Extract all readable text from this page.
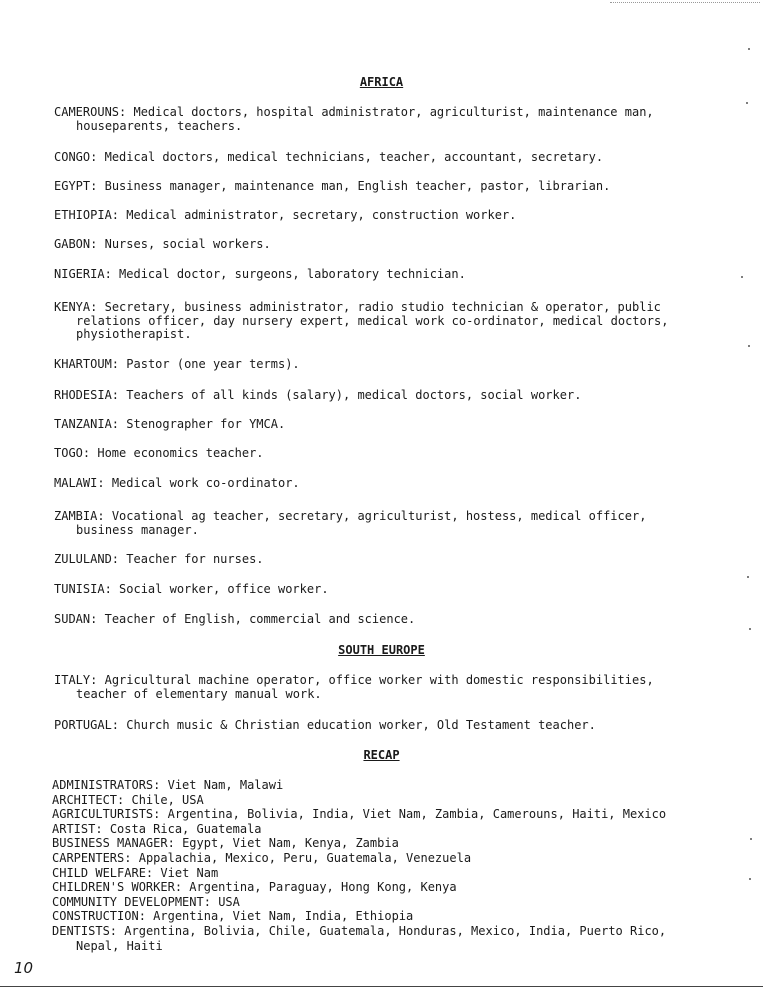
AFRICA
CAMEROUNS: Medical doctors, hospital administrator, agriculturist, maintenance man,
houseparents, teachers.
CONGO: Medical doctors, medical technicians, teacher, accountant, secretary.
EGYPT: Business manager, maintenance man, English teacher, pastor, librarian.
ETHIOPIA: Medical administrator, secretary, construction worker.
GABON: Nurses, social workers.
NIGERIA: Medical doctor, surgeons, laboratory technician.
KENYA: Secretary, business administrator, radio studio technician & operator, public
relations officer, day nursery expert, medical work co-ordinator, medical doctors,
physiotherapist.
KHARTOUM: Pastor (one year terms).
RHODESIA: Teachers of all kinds (salary), medical doctors, social worker.
TANZANIA: Stenographer for YMCA.
TOGO: Home economics teacher.
MALAWI: Medical work co-ordinator.
ZAMBIA: Vocational ag teacher, secretary, agriculturist, hostess, medical officer,
business manager.
ZULULAND: Teacher for nurses.
TUNISIA: Social worker, office worker.
SUDAN: Teacher of English, commercial and science.
SOUTH EUROPE
ITALY: Agricultural machine operator, office worker with domestic responsibilities,
teacher of elementary manual work.
PORTUGAL: Church music & Christian education worker, Old Testament teacher.
RECAP
ADMINISTRATORS: Viet Nam, Malawi
ARCHITECT: Chile, USA
AGRICULTURISTS: Argentina, Bolivia, India, Viet Nam, Zambia, Camerouns, Haiti, Mexico
ARTIST: Costa Rica, Guatemala
BUSINESS MANAGER: Egypt, Viet Nam, Kenya, Zambia
CARPENTERS: Appalachia, Mexico, Peru, Guatemala, Venezuela
CHILD WELFARE: Viet Nam
CHILDREN'S WORKER: Argentina, Paraguay, Hong Kong, Kenya
COMMUNITY DEVELOPMENT: USA
CONSTRUCTION: Argentina, Viet Nam, India, Ethiopia
DENTISTS: Argentina, Bolivia, Chile, Guatemala, Honduras, Mexico, India, Puerto Rico,
Nepal, Haiti
10
